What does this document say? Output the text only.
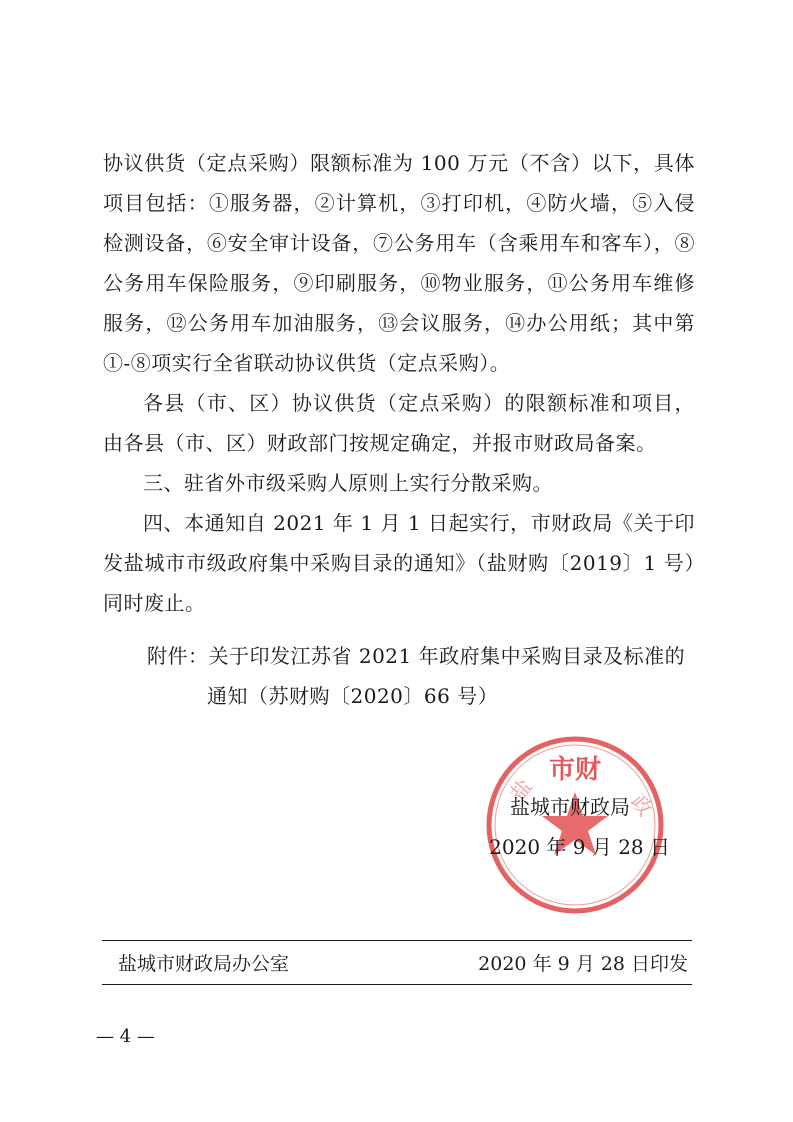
协议供货（定点采购）限额标准为 100 万元（不含）以下，具体项目包括：①服务器，②计算机，③打印机，④防火墙，⑤入侵检测设备，⑥安全审计设备，⑦公务用车（含乘用车和客车），⑧公务用车保险服务，⑨印刷服务，⑩物业服务，⑪公务用车维修服务，⑫公务用车加油服务，⑬会议服务，⑭办公用纸；其中第①-⑧项实行全省联动协议供货（定点采购）。

各县（市、区）协议供货（定点采购）的限额标准和项目，由各县（市、区）财政部门按规定确定，并报市财政局备案。

三、驻省外市级采购人原则上实行分散采购。

四、本通知自 2021 年 1 月 1 日起实行，市财政局《关于印发盐城市市级政府集中采购目录的通知》（盐财购〔2019〕1 号）同时废止。

附件：关于印发江苏省 2021 年政府集中采购目录及标准的
通知（苏财购〔2020〕66 号）
市财
盐	政
盐城市财政局
2020 年 9 月 28 日
盐城市财政局办公室	2020 年 9 月 28 日印发
— 4 —
